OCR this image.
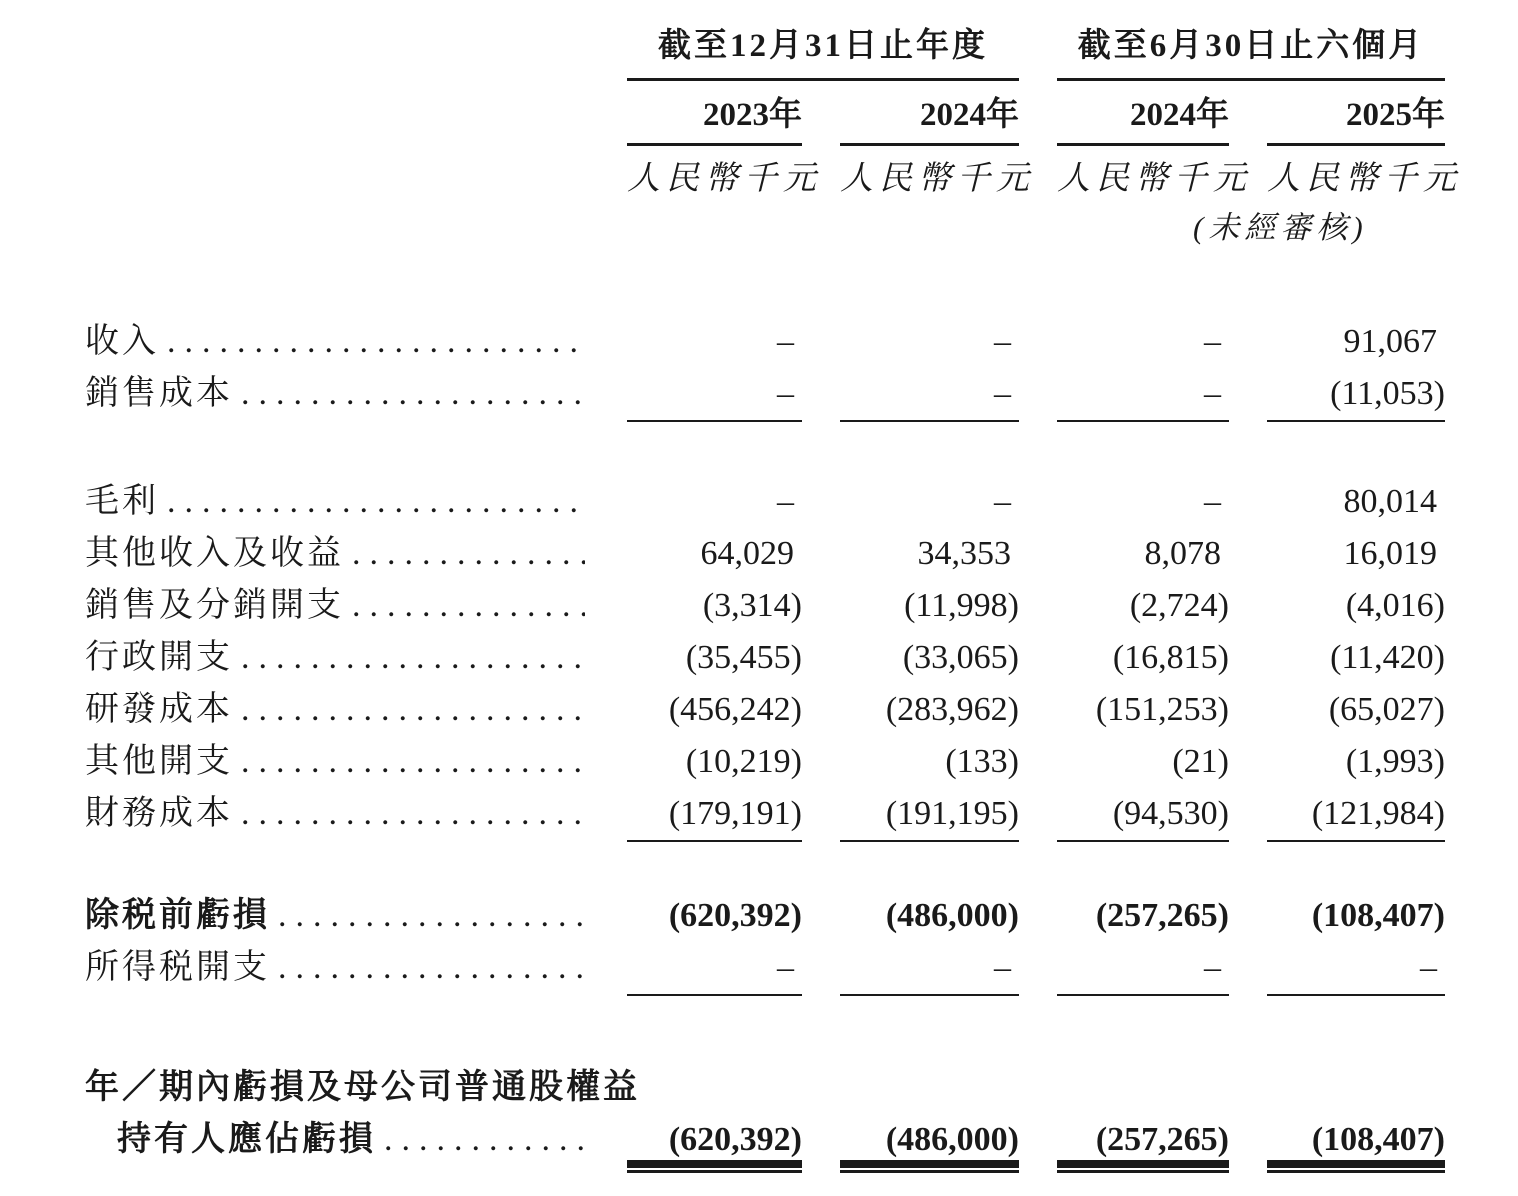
截至12月31日止年度	截至6月30日止六個月
2023年	2024年	2024年	2025年
人民幣千元 人民幣千元 人民幣千元 人民幣千元
(未經審核)
收入 .....	–	–	–	91,067
銷售成本 .....	–	–	–	(11,053)
毛利 .....	–	–	–	80,014
其他收入及收益 .....	64,029	34,353	8,078	16,019
銷售及分銷開支 .....	(3,314)	(11,998)	(2,724)	(4,016)
行政開支 .....	(35,455)	(33,065)	(16,815)	(11,420)
研發成本 .....	(456,242)	(283,962)	(151,253)	(65,027)
其他開支 .....	(10,219)	(133)	(21)	(1,993)
財務成本 .....	(179,191)	(191,195)	(94,530)	(121,984)
除税前虧損 .....	(620,392)	(486,000)	(257,265)	(108,407)
所得税開支 .....	–	–	–	–
年／期內虧損及母公司普通股權益
持有人應佔虧損 .....	(620,392)	(486,000)	(257,265)	(108,407)
